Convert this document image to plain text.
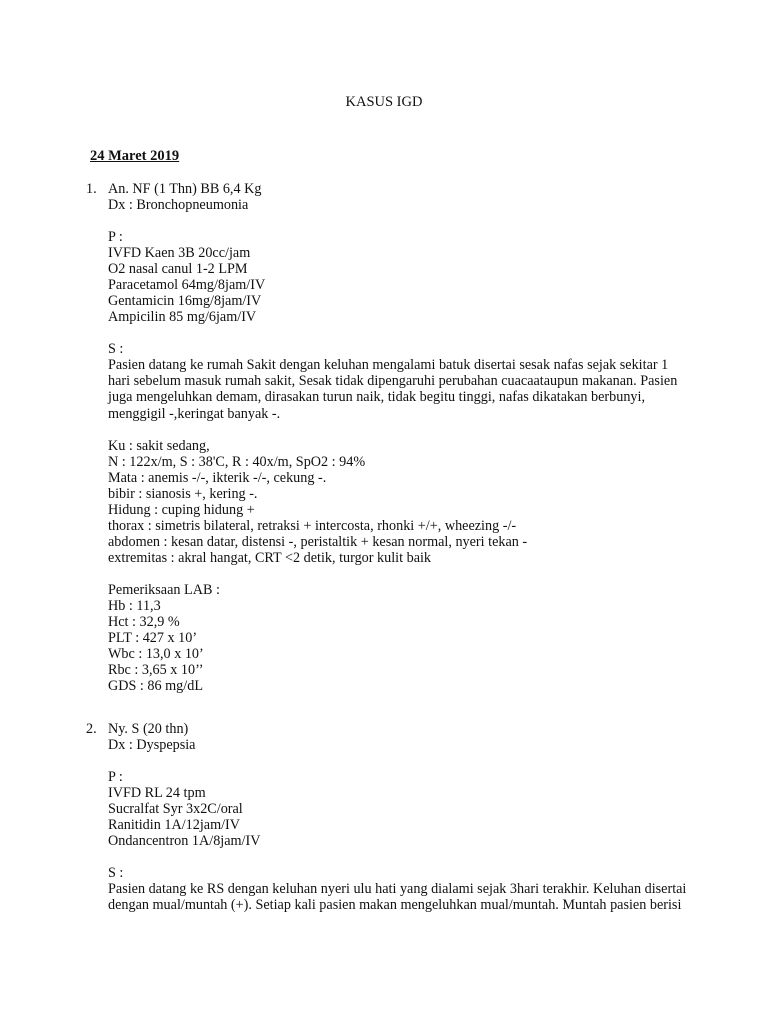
KASUS IGD
24 Maret 2019
1. An. NF (1 Thn) BB 6,4 Kg
Dx : Bronchopneumonia
P :
IVFD Kaen 3B 20cc/jam
O2 nasal canul 1-2 LPM
Paracetamol 64mg/8jam/IV
Gentamicin 16mg/8jam/IV
Ampicilin 85 mg/6jam/IV
S :
Pasien datang ke rumah Sakit dengan keluhan mengalami batuk disertai sesak nafas sejak sekitar 1 hari sebelum masuk rumah sakit, Sesak tidak dipengaruhi perubahan cuacaataupun makanan. Pasien juga mengeluhkan demam, dirasakan turun naik, tidak begitu tinggi, nafas dikatakan berbunyi, menggigil -,keringat banyak -.
Ku : sakit sedang,
N : 122x/m, S : 38'C, R : 40x/m, SpO2 : 94%
Mata : anemis -/-, ikterik -/-, cekung -.
bibir : sianosis +, kering -.
Hidung : cuping hidung +
thorax : simetris bilateral, retraksi + intercosta, rhonki +/+, wheezing -/-
abdomen : kesan datar, distensi -, peristaltik + kesan normal, nyeri tekan -
extremitas : akral hangat, CRT <2 detik, turgor kulit baik
Pemeriksaan LAB :
Hb : 11,3
Hct : 32,9 %
PLT : 427 x 10’
Wbc : 13,0 x 10’
Rbc : 3,65 x 10’’
GDS : 86 mg/dL
2. Ny. S (20 thn)
Dx : Dyspepsia
P :
IVFD RL 24 tpm
Sucralfat Syr 3x2C/oral
Ranitidin 1A/12jam/IV
Ondancentron 1A/8jam/IV
S :
Pasien datang ke RS dengan keluhan nyeri ulu hati yang dialami sejak 3hari terakhir. Keluhan disertai dengan mual/muntah (+). Setiap kali pasien makan mengeluhkan mual/muntah. Muntah pasien berisi
